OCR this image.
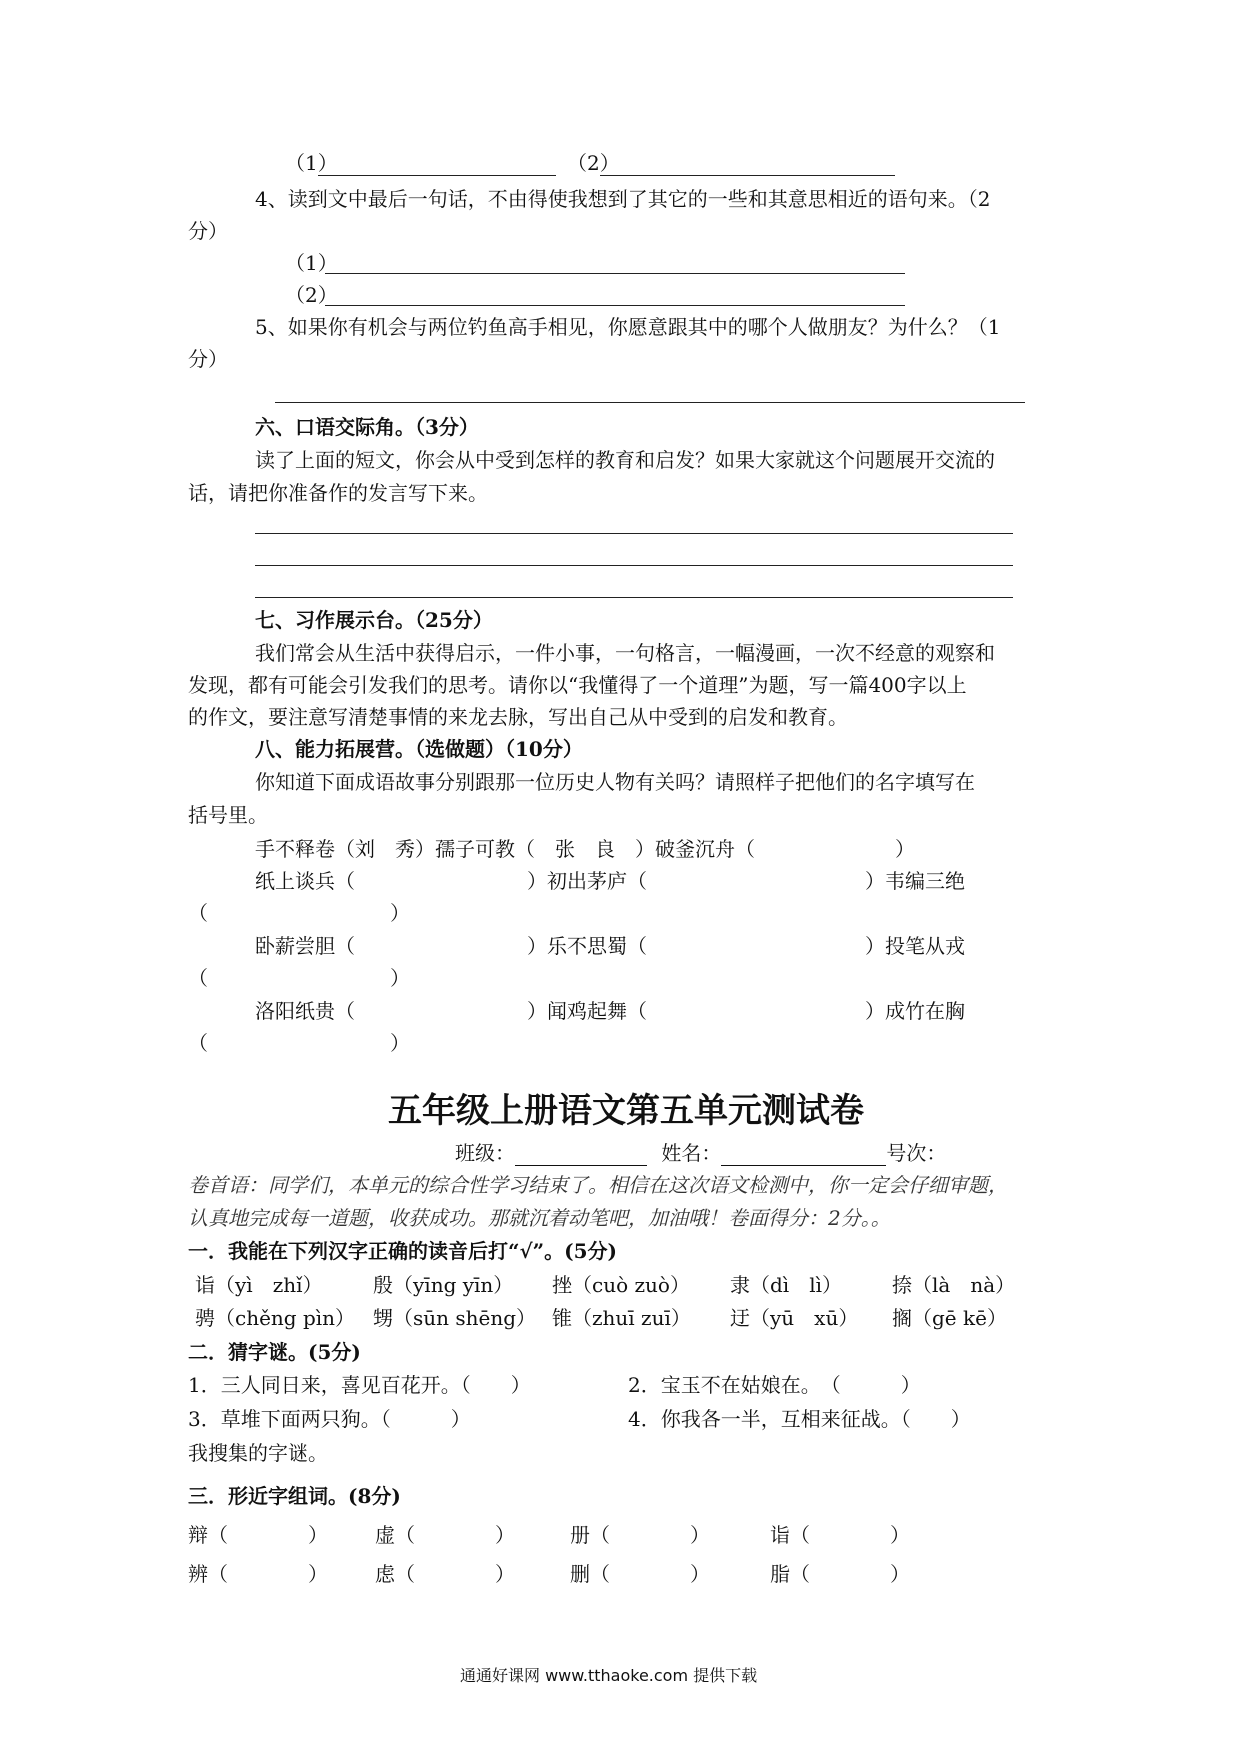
（1）	（2）
4、读到文中最后一句话，不由得使我想到了其它的一些和其意思相近的语句来。（2
分）
（1）
（2）
5、如果你有机会与两位钓鱼高手相见，你愿意跟其中的哪个人做朋友？为什么？（1
分）
六、口语交际角。（3分）
读了上面的短文，你会从中受到怎样的教育和启发？如果大家就这个问题展开交流的
话，请把你准备作的发言写下来。
七、习作展示台。（25分）
我们常会从生活中获得启示，一件小事，一句格言，一幅漫画，一次不经意的观察和
发现，都有可能会引发我们的思考。请你以“我懂得了一个道理”为题，写一篇400字以上
的作文，要注意写清楚事情的来龙去脉，写出自己从中受到的启发和教育。
八、能力拓展营。（选做题）（10分）
你知道下面成语故事分别跟那一位历史人物有关吗？请照样子把他们的名字填写在
括号里。
手不释卷（刘　秀）孺子可教（　张　良　）破釜沉舟（　　　　　　　）
纸上谈兵（	）初出茅庐（	）韦编三绝
（	）
卧薪尝胆（	）乐不思蜀（	）投笔从戎
（	）
洛阳纸贵（	）闻鸡起舞（	）成竹在胸
（	）
五年级上册语文第五单元测试卷
班级：	姓名：	号次：
卷首语：同学们，本单元的综合性学习结束了。相信在这次语文检测中，你一定会仔细审题，
认真地完成每一道题，收获成功。那就沉着动笔吧，加油哦！卷面得分：2分。。
一．我能在下列汉字正确的读音后打“√”。(5分)
诣（yì　zhǐ）	殷（yīng yīn） 挫（cuò zuò） 隶（dì　lì）	捺（là　nà）
骋（chěng pìn） 甥（sūn shēng） 锥（zhuī zuī） 迂（yū　xū） 搁（gē kē）
二．猜字谜。(5分)
1．三人同日来，喜见百花开。（　　）	2．宝玉不在姑娘在。　（　　　）
3．草堆下面两只狗。（　　　）	4．你我各一半，互相来征战。（　　）
我搜集的字谜。
三．形近字组词。(8分)
辩（　　　　） 虚（　　　　）	册（　　　　）	诣（　　　　）
辨（　　　　） 虑（　　　　）	删（　　　　）	脂（　　　　）
通通好课网 www.tthaoke.com 提供下载
